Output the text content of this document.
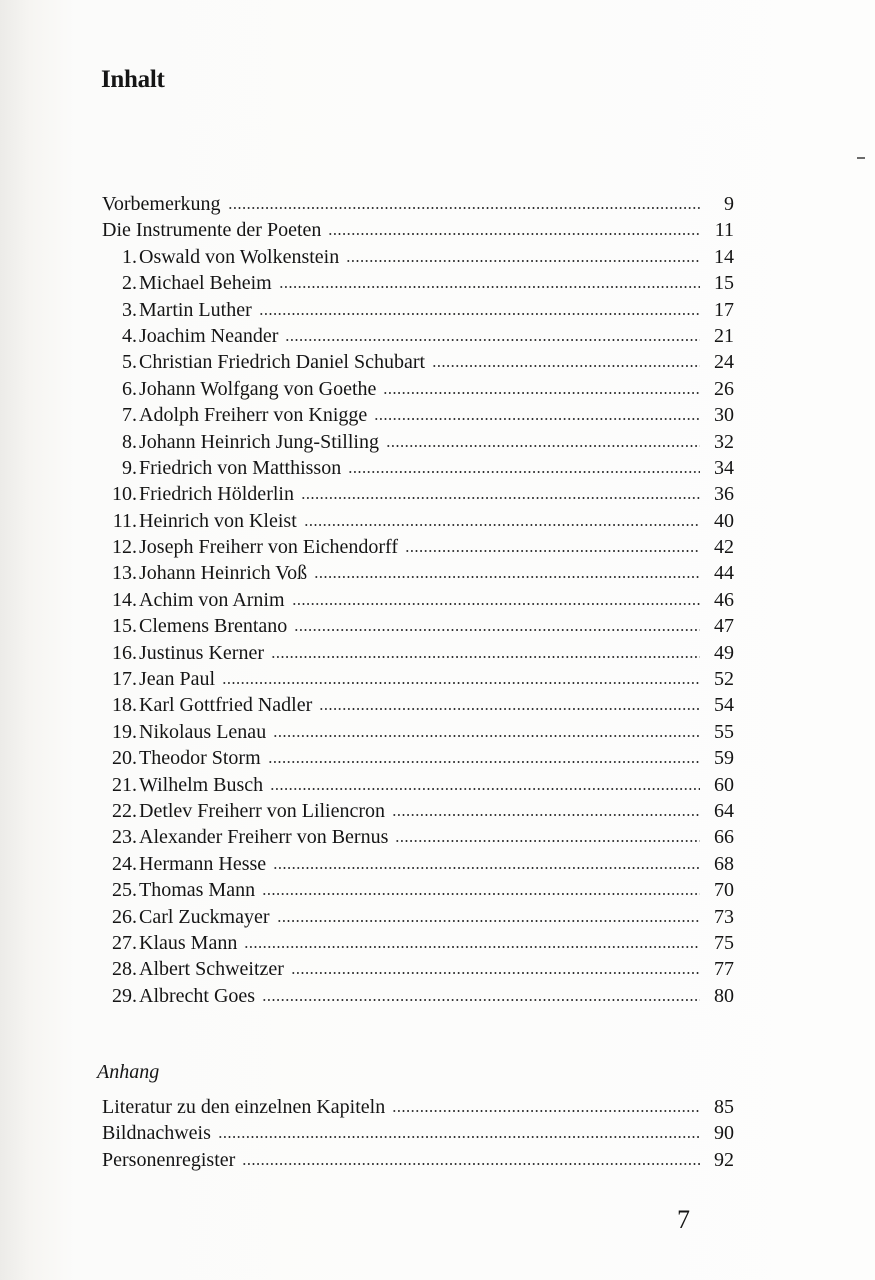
Inhalt
Vorbemerkung	9
Die Instrumente der Poeten	11
1. Oswald von Wolkenstein	14
2. Michael Beheim	15
3. Martin Luther	17
4. Joachim Neander	21
5. Christian Friedrich Daniel Schubart	24
6. Johann Wolfgang von Goethe	26
7. Adolph Freiherr von Knigge	30
8. Johann Heinrich Jung-Stilling	32
9. Friedrich von Matthisson	34
10. Friedrich Hölderlin	36
11. Heinrich von Kleist	40
12. Joseph Freiherr von Eichendorff	42
13. Johann Heinrich Voß	44
14. Achim von Arnim	46
15. Clemens Brentano	47
16. Justinus Kerner	49
17. Jean Paul	52
18. Karl Gottfried Nadler	54
19. Nikolaus Lenau	55
20. Theodor Storm	59
21. Wilhelm Busch	60
22. Detlev Freiherr von Liliencron	64
23. Alexander Freiherr von Bernus	66
24. Hermann Hesse	68
25. Thomas Mann	70
26. Carl Zuckmayer	73
27. Klaus Mann	75
28. Albert Schweitzer	77
29. Albrecht Goes	80
Anhang
Literatur zu den einzelnen Kapiteln	85
Bildnachweis	90
Personenregister	92
7
